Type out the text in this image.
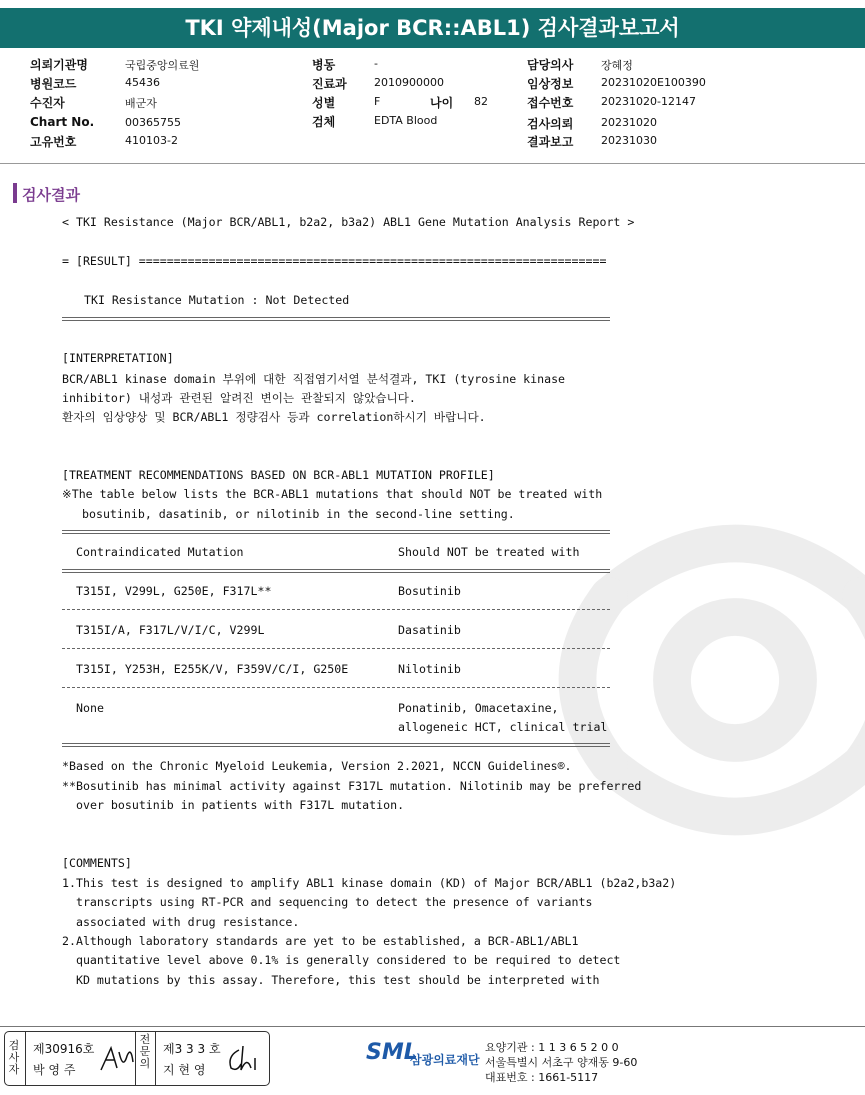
TKI 약제내성(Major BCR::ABL1) 검사결과보고서
의뢰기관명	국립중앙의료원
병원코드	45436
수진자	배군자
Chart No.	00365755
고유번호	410103-2
병동	-
진료과 2010900000
성별	F	나이 82
검체	EDTA Blood
담당의사	장혜정
임상정보	20231020E100390
접수번호	20231020-12147
검사의뢰	20231020
결과보고	20231030
검사결과
< TKI Resistance (Major BCR/ABL1, b2a2, b3a2) ABL1 Gene Mutation Analysis Report >
= [RESULT] ===================================================================
TKI Resistance Mutation : Not Detected
[INTERPRETATION]
BCR/ABL1 kinase domain 부위에 대한 직접염기서열 분석결과, TKI (tyrosine kinase
inhibitor) 내성과 관련된 알려진 변이는 관찰되지 않았습니다.
환자의 임상양상 및 BCR/ABL1 정량검사 등과 correlation하시기 바랍니다.
[TREATMENT RECOMMENDATIONS BASED ON BCR-ABL1 MUTATION PROFILE]
※The table below lists the BCR-ABL1 mutations that should NOT be treated with
bosutinib, dasatinib, or nilotinib in the second-line setting.
Contraindicated Mutation	Should NOT be treated with
T315I, V299L, G250E, F317L**	Bosutinib
T315I/A, F317L/V/I/C, V299L	Dasatinib
T315I, Y253H, E255K/V, F359V/C/I, G250E	Nilotinib
None	Ponatinib, Omacetaxine,
allogeneic HCT, clinical trial
*Based on the Chronic Myeloid Leukemia, Version 2.2021, NCCN Guidelines®.
**Bosutinib has minimal activity against F317L mutation. Nilotinib may be preferred
over bosutinib in patients with F317L mutation.
[COMMENTS]
1.This test is designed to amplify ABL1 kinase domain (KD) of Major BCR/ABL1 (b2a2,b3a2)
transcripts using RT-PCR and sequencing to detect the presence of variants
associated with drug resistance.
2.Although laboratory standards are yet to be established, a BCR-ABL1/ABL1
quantitative level above 0.1% is generally considered to be required to detect
KD mutations by this assay. Therefore, this test should be interpreted with
검사자
제30916호
박 영 주
전문의
제3 3 3 호
지 현 영
SML
삼광의료재단
요양기관 : 1 1 3 6 5 2 0 0
서울특별시 서초구 양재동 9-60
대표번호 : 1661-5117
